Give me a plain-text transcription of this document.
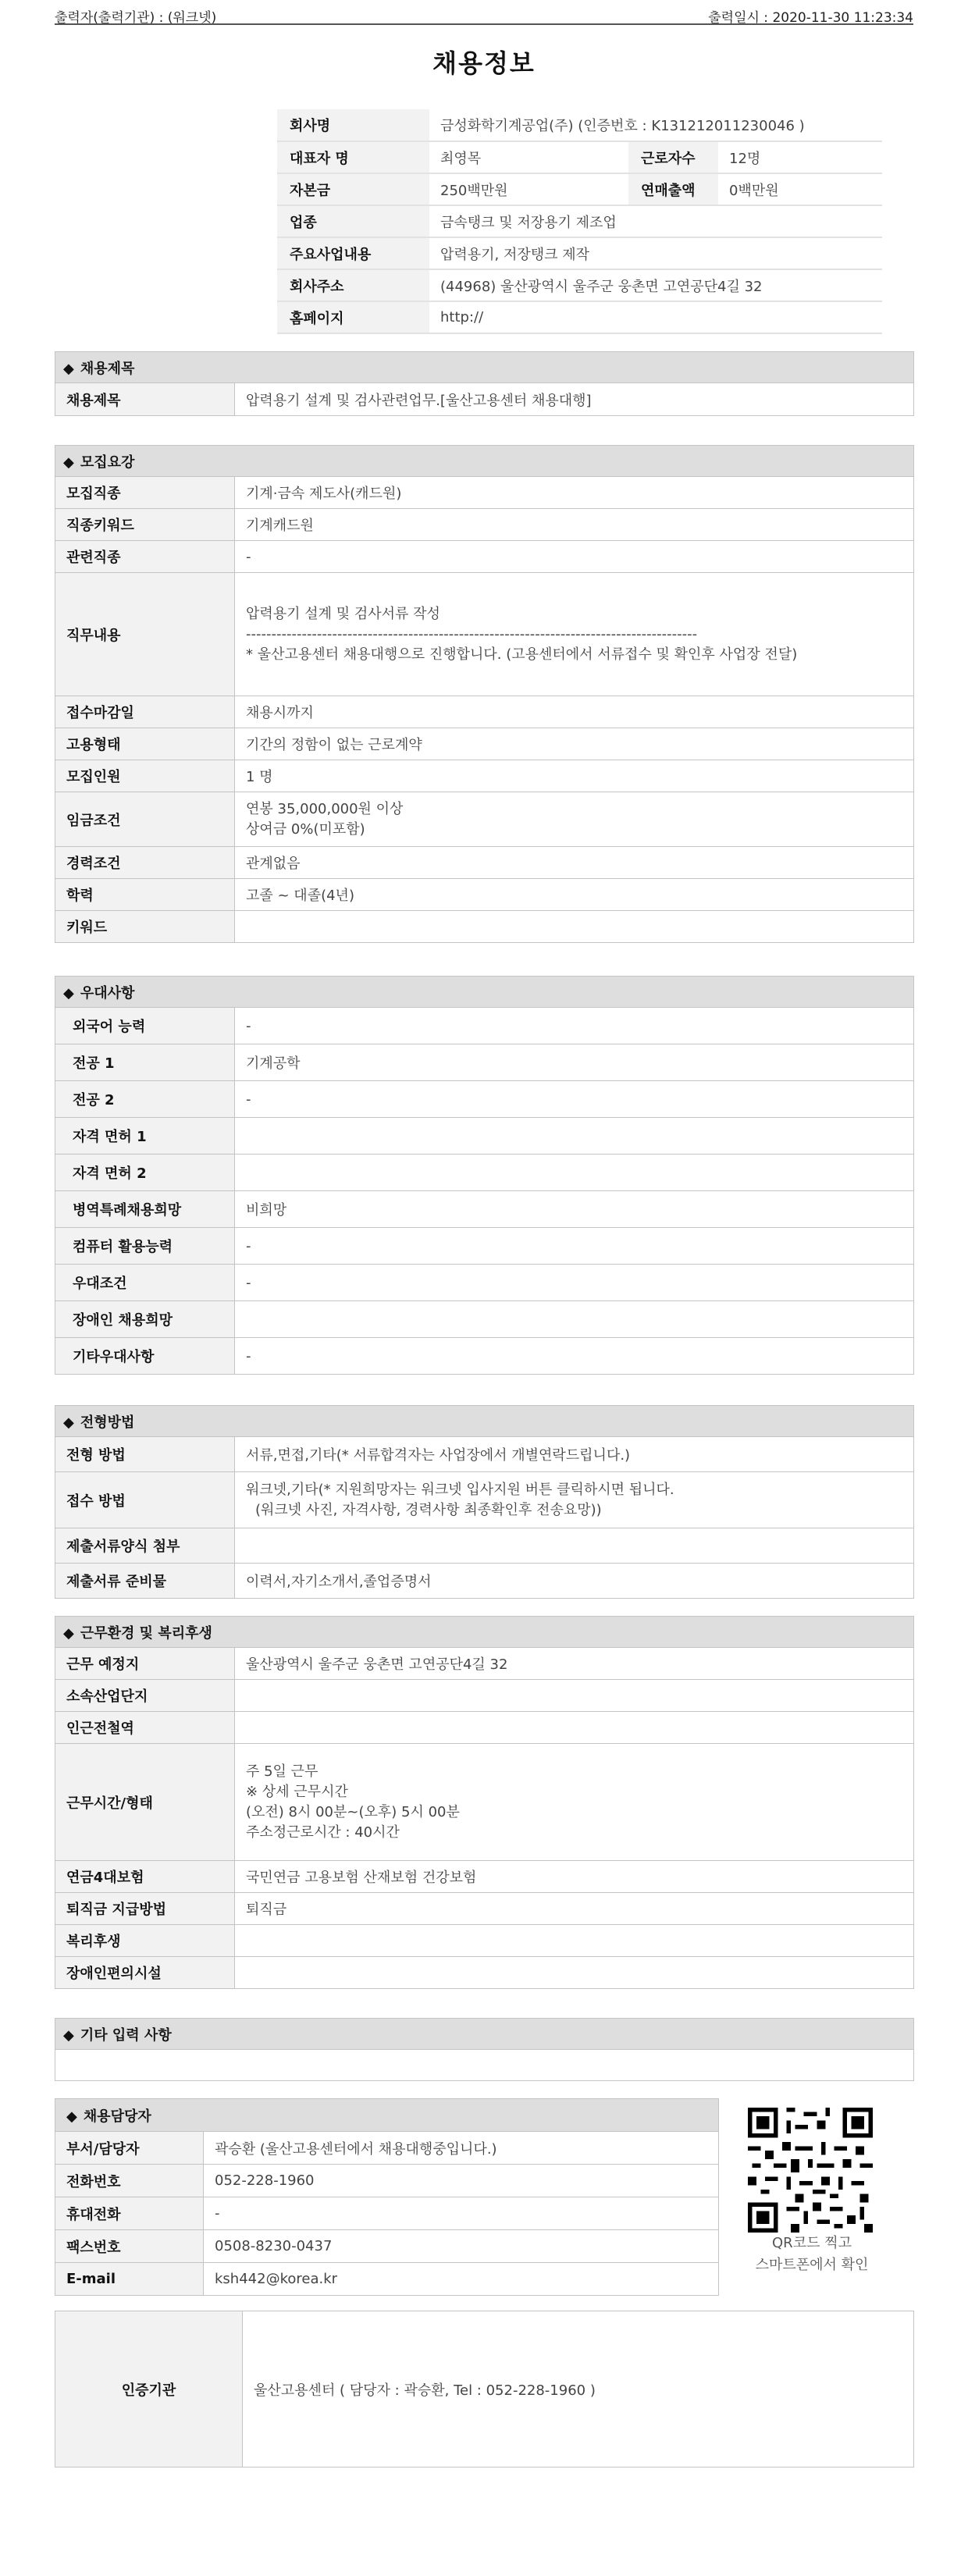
출력자(출력기관) : (워크넷)	출력일시 : 2020-11-30 11:23:34
채용정보
회사명	금성화학기계공업(주) (인증번호 : K131212011230046 )		
대표자 명	최영목	근로자수	12명
자본금	250백만원	연매출액	0백만원
업종	금속탱크 및 저장용기 제조업		
주요사업내용	압력용기, 저장탱크 제작		
회사주소	(44968) 울산광역시 울주군 웅촌면 고연공단4길 32		
홈페이지	http://		
◆ 채용제목
채용제목	압력용기 설계 및 검사관련업무.[울산고용센터 채용대행]
◆ 모집요강	
모집직종	기계·금속 제도사(캐드원)
직종키워드	기계캐드원
관련직종	-
직무내용	압력용기 설계 및 검사서류 작성
-----------------------------------------------------------------------------------------
* 울산고용센터 채용대행으로 진행합니다. (고용센터에서 서류접수 및 확인후 사업장 전달)

접수마감일	채용시까지
고용형태	기간의 정함이 없는 근로계약
모집인원	1 명
임금조건	연봉 35,000,000원 이상
상여금 0%(미포함)

경력조건	관계없음
학력	고졸 ~ 대졸(4년)
키워드	
◆ 우대사항	
외국어 능력	-
전공 1	기계공학
전공 2	-
자격 면허 1	
자격 면허 2	
병역특례채용희망	비희망
컴퓨터 활용능력	-
우대조건	-
장애인 채용희망	
기타우대사항	-
◆ 전형방법	
전형 방법	서류,면접,기타(* 서류합격자는 사업장에서 개별연락드립니다.)
접수 방법	워크넷,기타(* 지원희망자는 워크넷 입사지원 버튼 클릭하시면 됩니다.
(워크넷 사진, 자격사항, 경력사항 최종확인후 전송요망))

제출서류양식 첨부	
제출서류 준비물	이력서,자기소개서,졸업증명서
◆ 근무환경 및 복리후생	
근무 예정지	울산광역시 울주군 웅촌면 고연공단4길 32
소속산업단지	
인근전철역	
근무시간/형태	주 5일 근무
※ 상세 근무시간
(오전) 8시 00분~(오후) 5시 00분
주소정근로시간 : 40시간

연금4대보험	국민연금 고용보험 산재보험 건강보험
퇴직금 지급방법	퇴직금
복리후생	
장애인편의시설	
◆ 기타 입력 사항

◆ 채용담당자	
부서/담당자	곽승환 (울산고용센터에서 채용대행중입니다.)
전화번호	052-228-1960
휴대전화	-
팩스번호	0508-8230-0437
E-mail	ksh442@korea.kr
QR코드 찍고
스마트폰에서 확인
인증기관	울산고용센터 ( 담당자 : 곽승환, Tel : 052-228-1960 )
